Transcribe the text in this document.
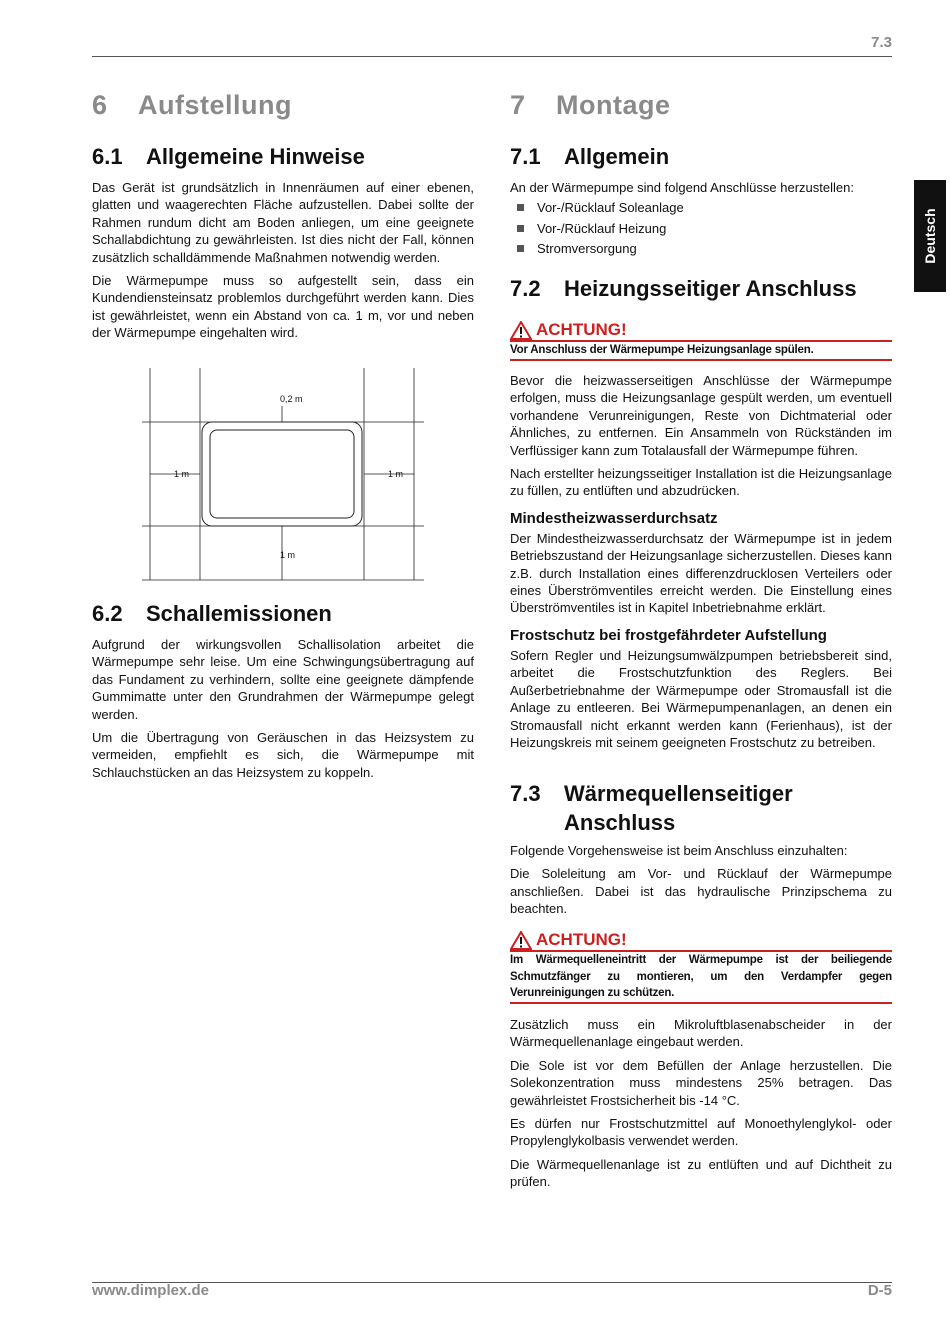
7.3
Deutsch
6 Aufstellung
6.1 Allgemeine Hinweise

Das Gerät ist grundsätzlich in Innenräumen auf einer ebenen, glatten und waagerechten Fläche aufzustellen. Dabei sollte der Rahmen rundum dicht am Boden anliegen, um eine geeignete Schallabdichtung zu gewährleisten. Ist dies nicht der Fall, können zusätzlich schalldämmende Maßnahmen notwendig werden.

Die Wärmepumpe muss so aufgestellt sein, dass ein Kundendiensteinsatz problemlos durchgeführt werden kann. Dies ist gewährleistet, wenn ein Abstand von ca. 1 m, vor und neben der Wärmepumpe eingehalten wird.

0,2 m
1 m	1 m
1 m
6.2 Schallemissionen

Aufgrund der wirkungsvollen Schallisolation arbeitet die Wärmepumpe sehr leise. Um eine Schwingungsübertragung auf das Fundament zu verhindern, sollte eine geeignete dämpfende Gummimatte unter den Grundrahmen der Wärmepumpe gelegt werden.

Um die Übertragung von Geräuschen in das Heizsystem zu vermeiden, empfiehlt es sich, die Wärmepumpe mit Schlauchstücken an das Heizsystem zu koppeln.

7 Montage
7.1 Allgemein

An der Wärmepumpe sind folgend Anschlüsse herzustellen:

Vor-/Rücklauf Soleanlage
Vor-/Rücklauf Heizung
Stromversorgung
7.2 Heizungsseitiger Anschluss
ACHTUNG!
Vor Anschluss der Wärmepumpe Heizungsanlage spülen.

Bevor die heizwasserseitigen Anschlüsse der Wärmepumpe erfolgen, muss die Heizungsanlage gespült werden, um eventuell vorhandene Verunreinigungen, Reste von Dichtmaterial oder Ähnliches, zu entfernen. Ein Ansammeln von Rückständen im Verflüssiger kann zum Totalausfall der Wärmepumpe führen.

Nach erstellter heizungsseitiger Installation ist die Heizungsanlage zu füllen, zu entlüften und abzudrücken.

Mindestheizwasserdurchsatz

Der Mindestheizwasserdurchsatz der Wärmepumpe ist in jedem Betriebszustand der Heizungsanlage sicherzustellen. Dieses kann z.B. durch Installation eines differenzdrucklosen Verteilers oder eines Überströmventiles erreicht werden. Die Einstellung eines Überströmventiles ist in Kapitel Inbetriebnahme erklärt.

Frostschutz bei frostgefährdeter Aufstellung

Sofern Regler und Heizungsumwälzpumpen betriebsbereit sind, arbeitet die Frostschutzfunktion des Reglers. Bei Außerbetriebnahme der Wärmepumpe oder Stromausfall ist die Anlage zu entleeren. Bei Wärmepumpenanlagen, an denen ein Stromausfall nicht erkannt werden kann (Ferienhaus), ist der Heizungskreis mit seinem geeigneten Frostschutz zu betreiben.

7.3 Wärmequellenseitiger
Anschluss

Folgende Vorgehensweise ist beim Anschluss einzuhalten:

Die Soleleitung am Vor- und Rücklauf der Wärmepumpe anschließen. Dabei ist das hydraulische Prinzipschema zu beachten.

ACHTUNG!
Im Wärmequelleneintritt der Wärmepumpe ist der beiliegende Schmutzfänger zu montieren, um den Verdampfer gegen Verunreinigungen zu schützen.

Zusätzlich muss ein Mikroluftblasenabscheider in der Wärmequellenanlage eingebaut werden.

Die Sole ist vor dem Befüllen der Anlage herzustellen. Die Solekonzentration muss mindestens 25% betragen. Das gewährleistet Frostsicherheit bis -14 °C.

Es dürfen nur Frostschutzmittel auf Monoethylenglykol- oder Propylenglykolbasis verwendet werden.

Die Wärmequellenanlage ist zu entlüften und auf Dichtheit zu prüfen.

www.dimplex.de	D-5
